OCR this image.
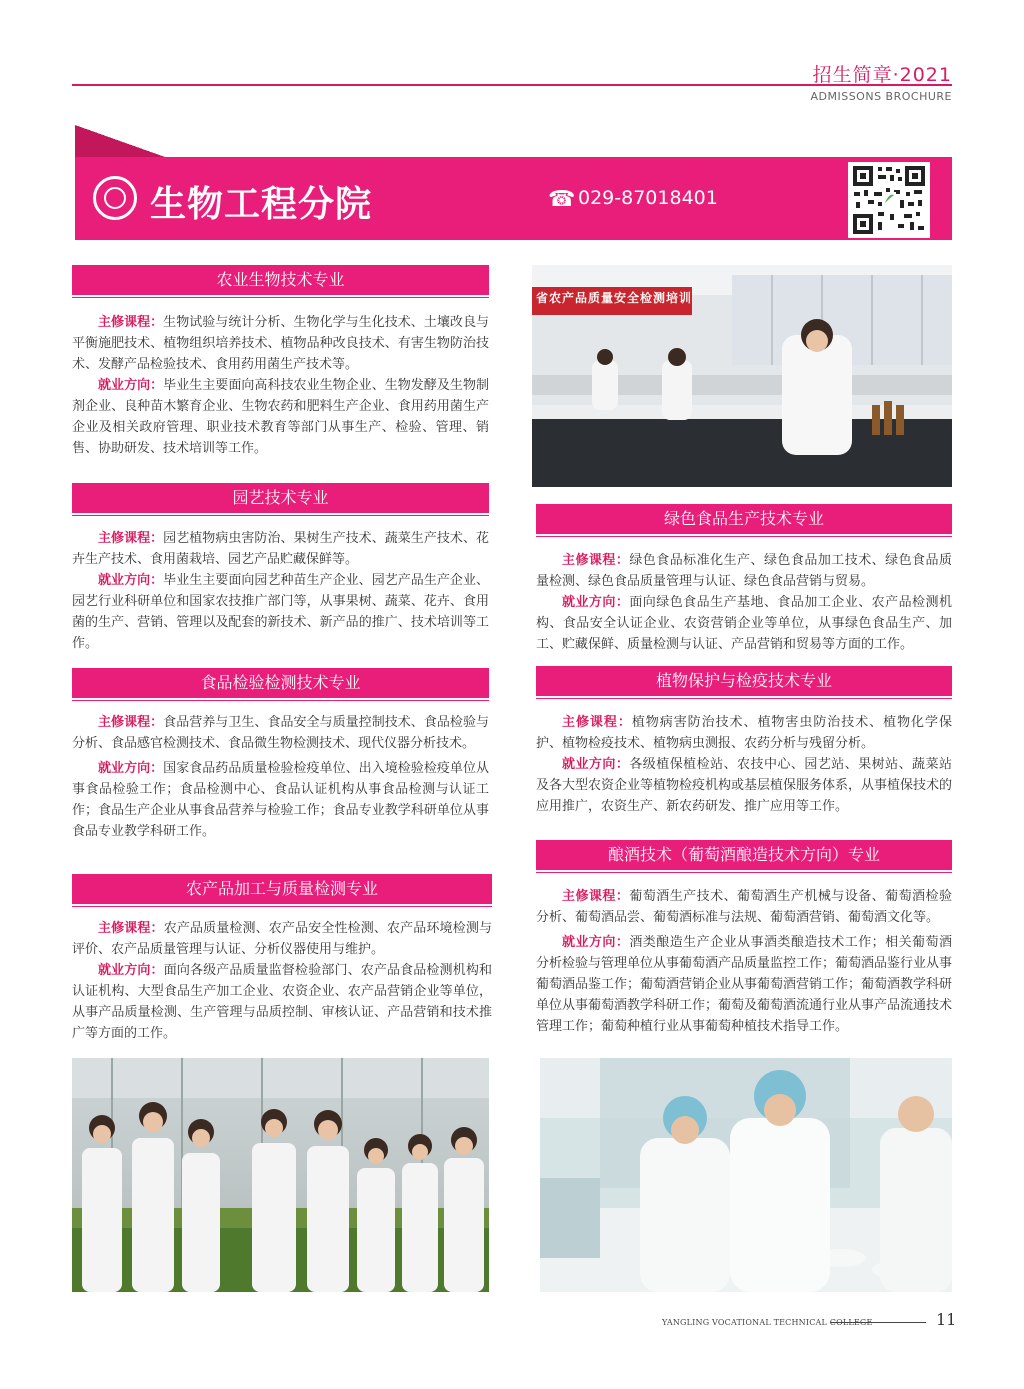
招生简章·2021
ADMISSONS BROCHURE
生物工程分院	☎ 029-87018401
农业生物技术专业

主修课程：生物试验与统计分析、生物化学与生化技术、土壤改良与平衡施肥技术、植物组织培养技术、植物品种改良技术、有害生物防治技术、发酵产品检验技术、食用药用菌生产技术等。

就业方向：毕业生主要面向高科技农业生物企业、生物发酵及生物制剂企业、良种苗木繁育企业、生物农药和肥料生产企业、食用药用菌生产企业及相关政府管理、职业技术教育等部门从事生产、检验、管理、销售、协助研发、技术培训等工作。

园艺技术专业

主修课程：园艺植物病虫害防治、果树生产技术、蔬菜生产技术、花卉生产技术、食用菌栽培、园艺产品贮藏保鲜等。

就业方向：毕业生主要面向园艺种苗生产企业、园艺产品生产企业、园艺行业科研单位和国家农技推广部门等，从事果树、蔬菜、花卉、食用菌的生产、营销、管理以及配套的新技术、新产品的推广、技术培训等工作。

食品检验检测技术专业

主修课程：食品营养与卫生、食品安全与质量控制技术、食品检验与分析、食品感官检测技术、食品微生物检测技术、现代仪器分析技术。

就业方向：国家食品药品质量检验检疫单位、出入境检验检疫单位从事食品检验工作；食品检测中心、食品认证机构从事食品检测与认证工作；食品生产企业从事食品营养与检验工作；食品专业教学科研单位从事食品专业教学科研工作。

农产品加工与质量检测专业

主修课程：农产品质量检测、农产品安全性检测、农产品环境检测与评价、农产品质量管理与认证、分析仪器使用与维护。

就业方向：面向各级产品质量监督检验部门、农产品食品检测机构和认证机构、大型食品生产加工企业、农资企业、农产品营销企业等单位，从事产品质量检测、生产管理与品质控制、审核认证、产品营销和技术推广等方面的工作。

省农产品质量安全检测培训
绿色食品生产技术专业

主修课程：绿色食品标准化生产、绿色食品加工技术、绿色食品质量检测、绿色食品质量管理与认证、绿色食品营销与贸易。

就业方向：面向绿色食品生产基地、食品加工企业、农产品检测机构、食品安全认证企业、农资营销企业等单位，从事绿色食品生产、加工、贮藏保鲜、质量检测与认证、产品营销和贸易等方面的工作。

植物保护与检疫技术专业

主修课程：植物病害防治技术、植物害虫防治技术、植物化学保护、植物检疫技术、植物病虫测报、农药分析与残留分析。

就业方向：各级植保植检站、农技中心、园艺站、果树站、蔬菜站及各大型农资企业等植物检疫机构或基层植保服务体系，从事植保技术的应用推广，农资生产、新农药研发、推广应用等工作。

酿酒技术（葡萄酒酿造技术方向）专业

主修课程：葡萄酒生产技术、葡萄酒生产机械与设备、葡萄酒检验分析、葡萄酒品尝、葡萄酒标准与法规、葡萄酒营销、葡萄酒文化等。

就业方向：酒类酿造生产企业从事酒类酿造技术工作；相关葡萄酒分析检验与管理单位从事葡萄酒产品质量监控工作；葡萄酒品鉴行业从事葡萄酒品鉴工作；葡萄酒营销企业从事葡萄酒营销工作；葡萄酒教学科研单位从事葡萄酒教学科研工作；葡萄及葡萄酒流通行业从事产品流通技术管理工作；葡萄种植行业从事葡萄种植技术指导工作。

YANGLING VOCATIONAL TECHNICAL COLLEGE	11
